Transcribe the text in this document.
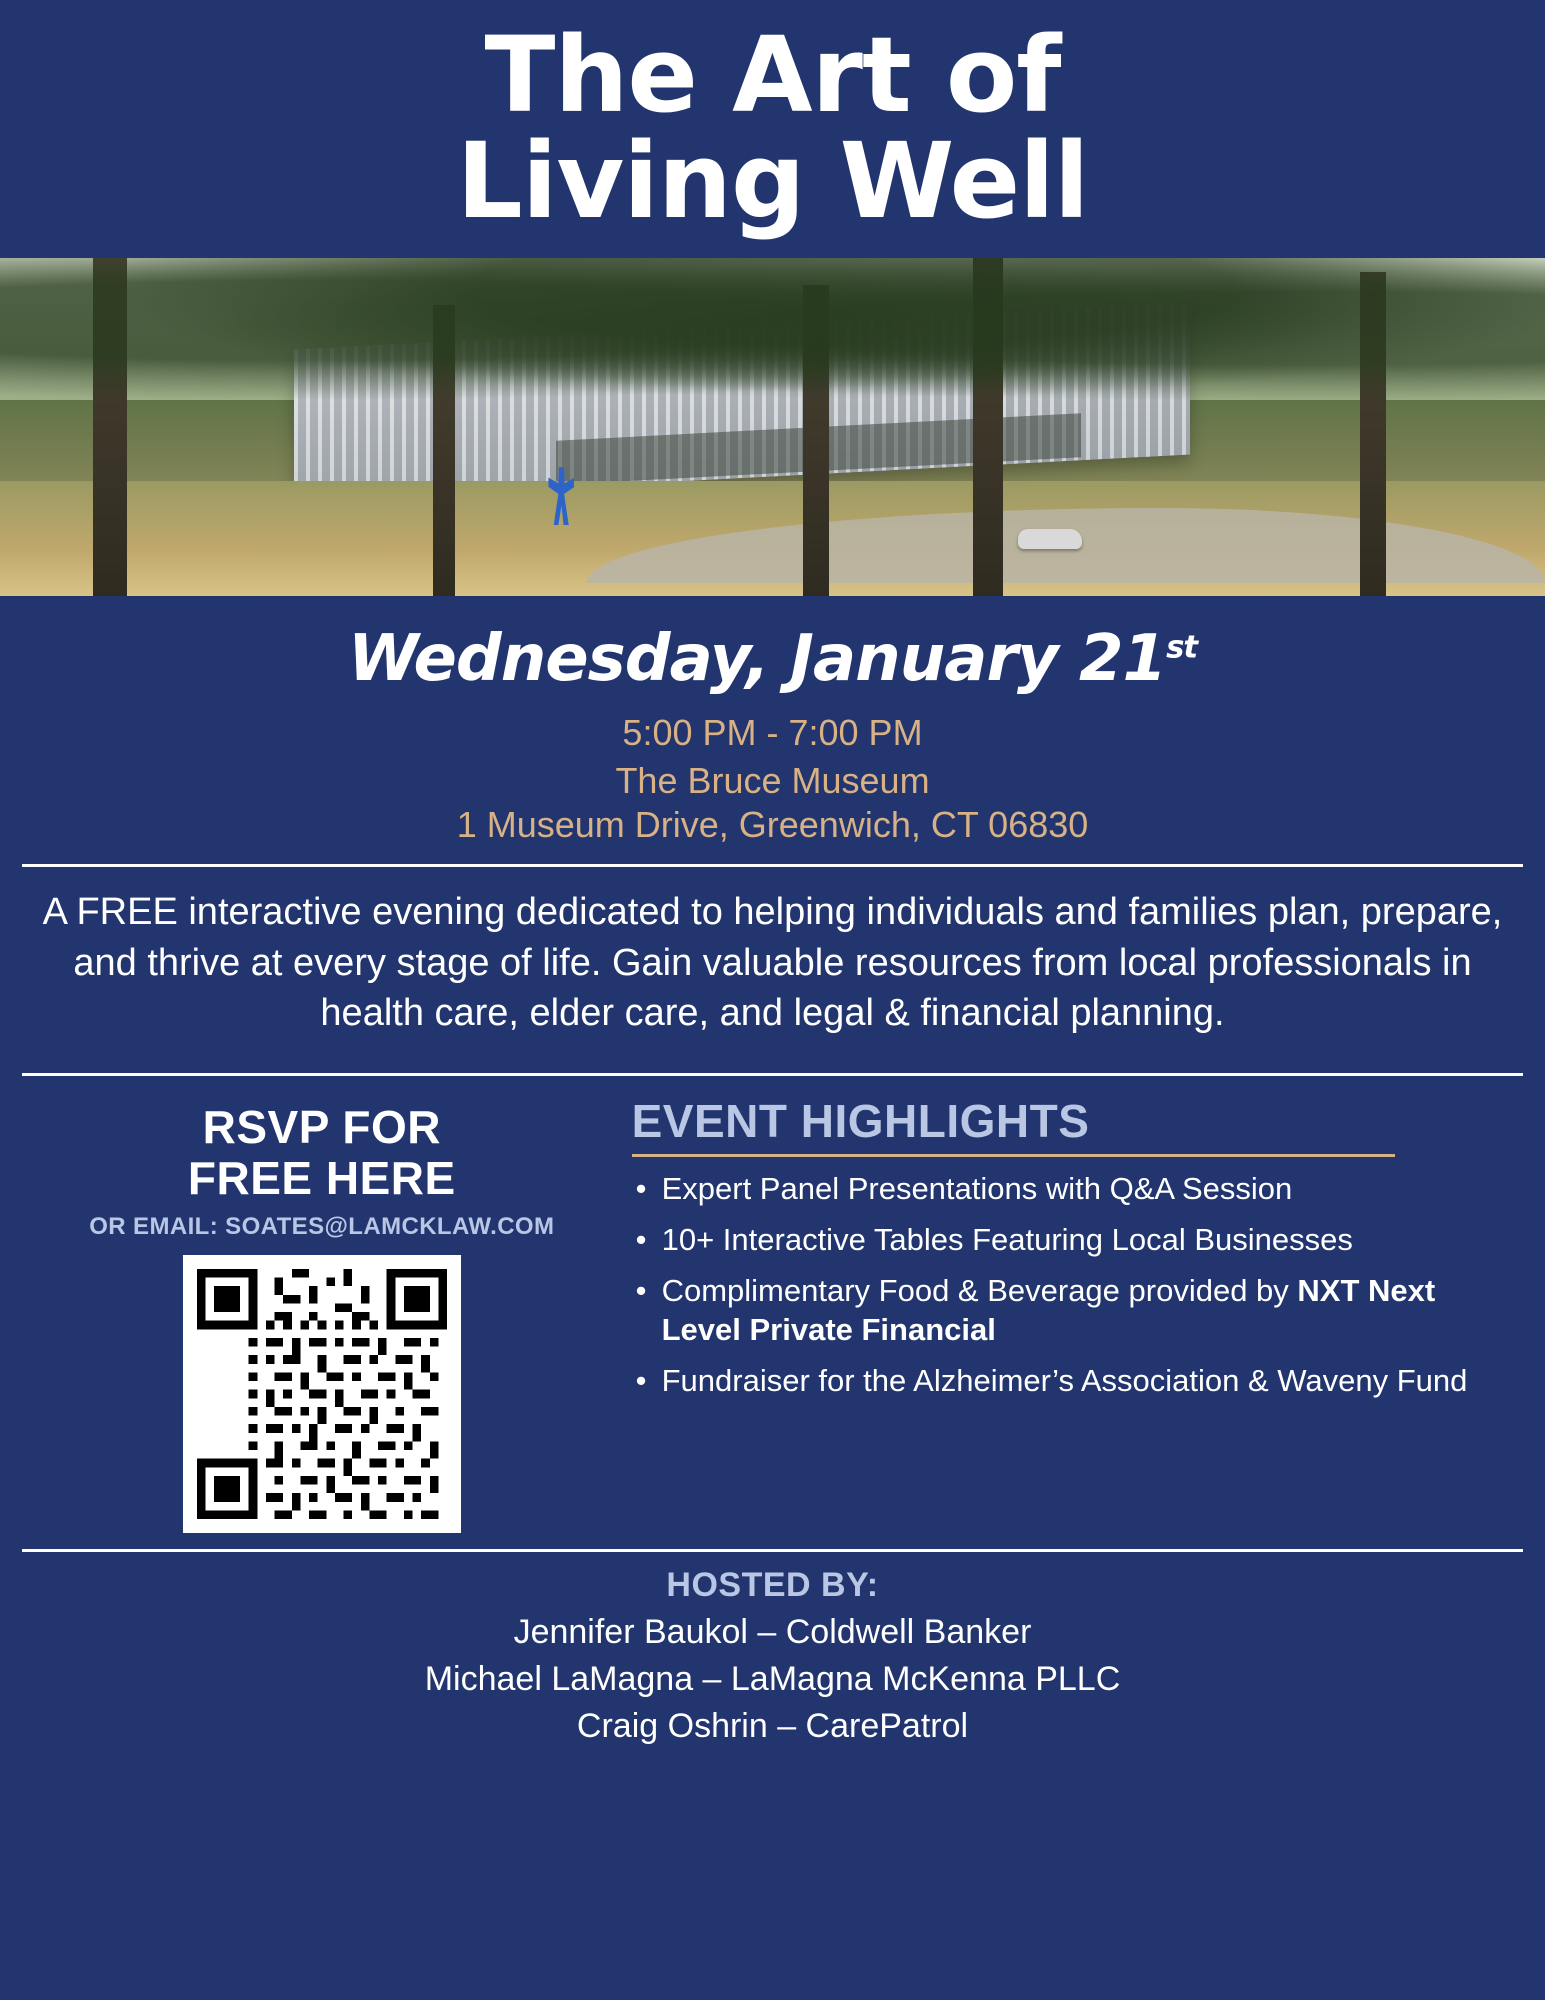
The Art of
Living Well
Wednesday, January 21st
5:00 PM - 7:00 PM
The Bruce Museum
1 Museum Drive, Greenwich, CT 06830
A FREE interactive evening dedicated to helping individuals and families plan, prepare, and thrive at every stage of life. Gain valuable resources from local professionals in health care, elder care, and legal & financial planning.
RSVP FOR
FREE HERE
OR EMAIL: SOATES@LAMCKLAW.COM
EVENT HIGHLIGHTS
• Expert Panel Presentations with Q&A Session
• 10+ Interactive Tables Featuring Local Businesses
• Complimentary Food & Beverage provided by NXT Next Level Private Financial
• Fundraiser for the Alzheimer’s Association & Waveny Fund
HOSTED BY:
Jennifer Baukol – Coldwell Banker
Michael LaMagna – LaMagna McKenna PLLC
Craig Oshrin – CarePatrol
